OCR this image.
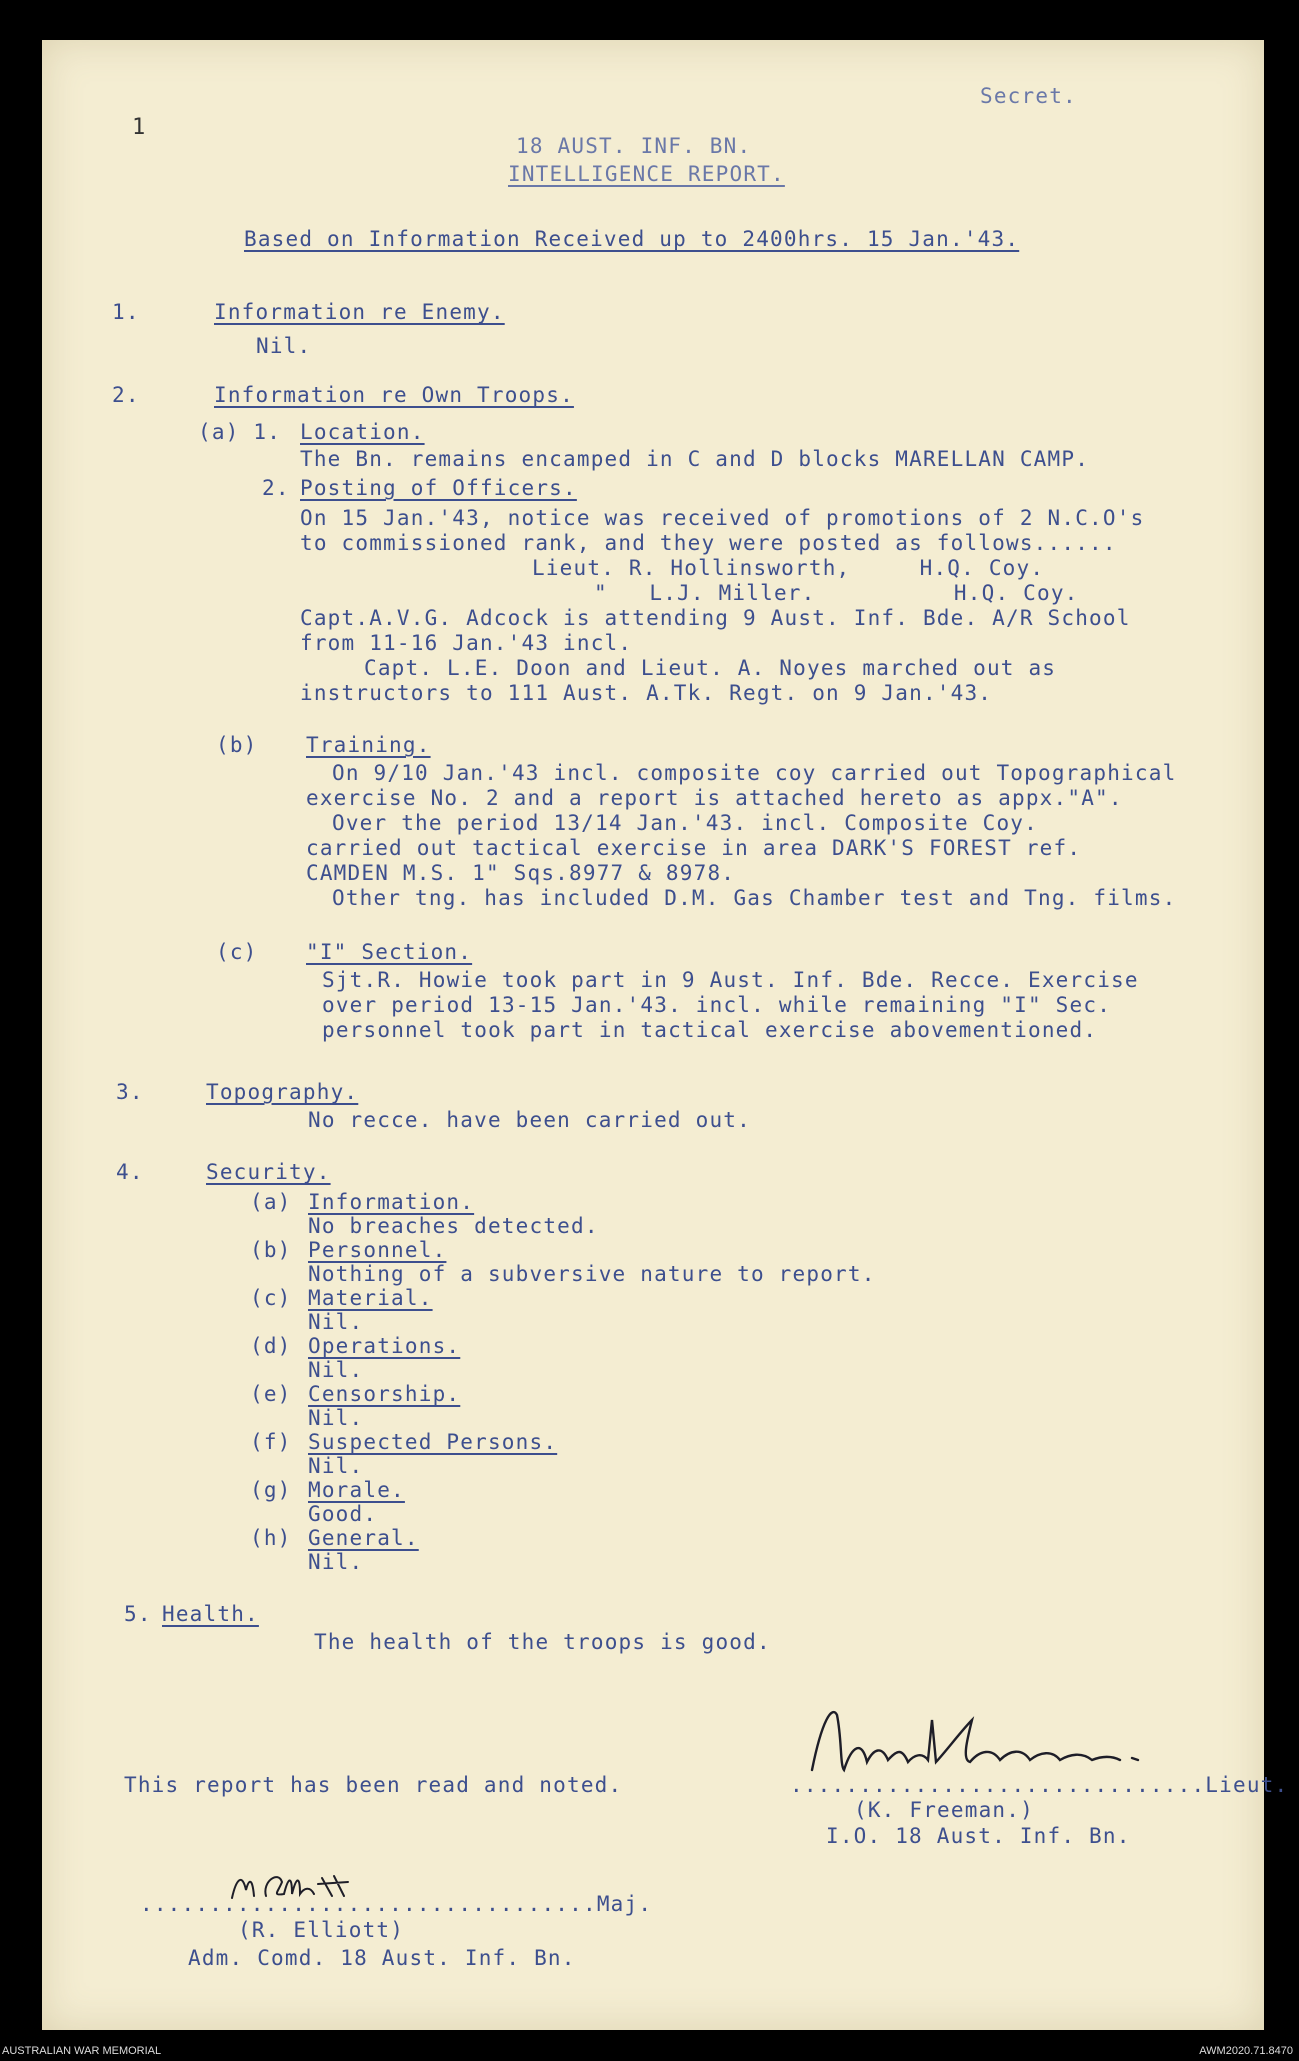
1
Secret.
18 AUST. INF. BN.
INTELLIGENCE REPORT.
Based on Information Received up to 2400hrs. 15 Jan.'43.
1.	Information re Enemy.
Nil.
2.	Information re Own Troops.
(a) 1. Location.
The Bn. remains encamped in C and D blocks MARELLAN CAMP.
2. Posting of Officers.
On 15 Jan.'43, notice was received of promotions of 2 N.C.O's
to commissioned rank, and they were posted as follows......
Lieut. R. Hollinsworth,     H.Q. Coy.
"   L.J. Miller.          H.Q. Coy.
Capt.A.V.G. Adcock is attending 9 Aust. Inf. Bde. A/R School
from 11-16 Jan.'43 incl.
Capt. L.E. Doon and Lieut. A. Noyes marched out as
instructors to 111 Aust. A.Tk. Regt. on 9 Jan.'43.
(b) Training.
On 9/10 Jan.'43 incl. composite coy carried out Topographical
exercise No. 2 and a report is attached hereto as appx."A".
Over the period 13/14 Jan.'43. incl. Composite Coy.
carried out tactical exercise in area DARK'S FOREST ref.
CAMDEN M.S. 1" Sqs.8977 & 8978.
Other tng. has included D.M. Gas Chamber test and Tng. films.
(c) "I" Section.
Sjt.R. Howie took part in 9 Aust. Inf. Bde. Recce. Exercise
over period 13-15 Jan.'43. incl. while remaining "I" Sec.
personnel took part in tactical exercise abovementioned.
3.	Topography.
No recce. have been carried out.
4.	Security.
(a) Information.
No breaches detected.
(b) Personnel.
Nothing of a subversive nature to report.
(c) Material.
Nil.
(d) Operations.
Nil.
(e) Censorship.
Nil.
(f) Suspected Persons.
Nil.
(g) Morale.
Good.
(h) General.
Nil.
5. Health.
The health of the troops is good.
This report has been read and noted.	..............................Lieut.
(K. Freeman.)
I.O. 18 Aust. Inf. Bn.
.................................Maj.
(R. Elliott)
Adm. Comd. 18 Aust. Inf. Bn.
AUSTRALIAN WAR MEMORIAL	AWM2020.71.8470
